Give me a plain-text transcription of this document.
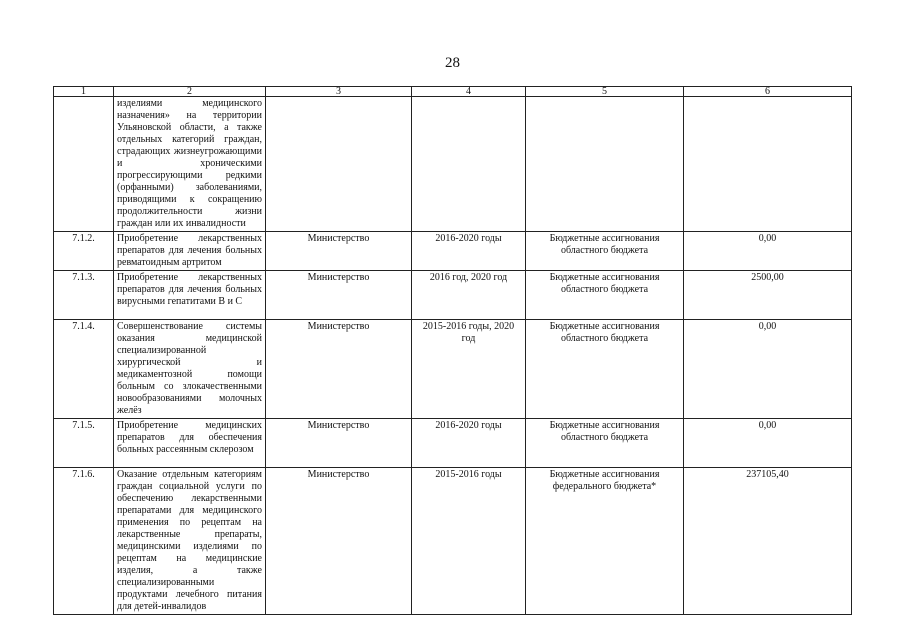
28
1	2	3	4	5	6
	изделиями медицинского назначения» на территории Ульяновской области, а также отдельных категорий граждан, страдающих жизнеугрожающими и хроническими прогрессирующими редкими (орфанными) заболеваниями, приводящими к сокращению продолжительности жизни граждан или их инвалидности				
7.1.2.	Приобретение лекарственных препаратов для лечения больных ревматоидным артритом	Министерство	2016-2020 годы	Бюджетные ассигнования областного бюджета	0,00
7.1.3.	Приобретение лекарственных препаратов для лечения больных вирусными гепатитами В и С	Министерство	2016 год, 2020 год	Бюджетные ассигнования областного бюджета	2500,00
7.1.4.	Совершенствование системы оказания медицинской специализированной хирургической и медикаментозной помощи больным со злокачественными новообразованиями молочных желёз	Министерство	2015-2016 годы, 2020 год	Бюджетные ассигнования областного бюджета	0,00
7.1.5.	Приобретение медицинских препаратов для обеспечения больных рассеянным склерозом	Министерство	2016-2020 годы	Бюджетные ассигнования областного бюджета	0,00
7.1.6.	Оказание отдельным категориям граждан социальной услуги по обеспечению лекарственными препаратами для медицинского применения по рецептам на лекарственные препараты, медицинскими изделиями по рецептам на медицинские изделия, а также специализированными продуктами лечебного питания для детей-инвалидов	Министерство	2015-2016 годы	Бюджетные ассигнования федерального бюджета*	237105,40
